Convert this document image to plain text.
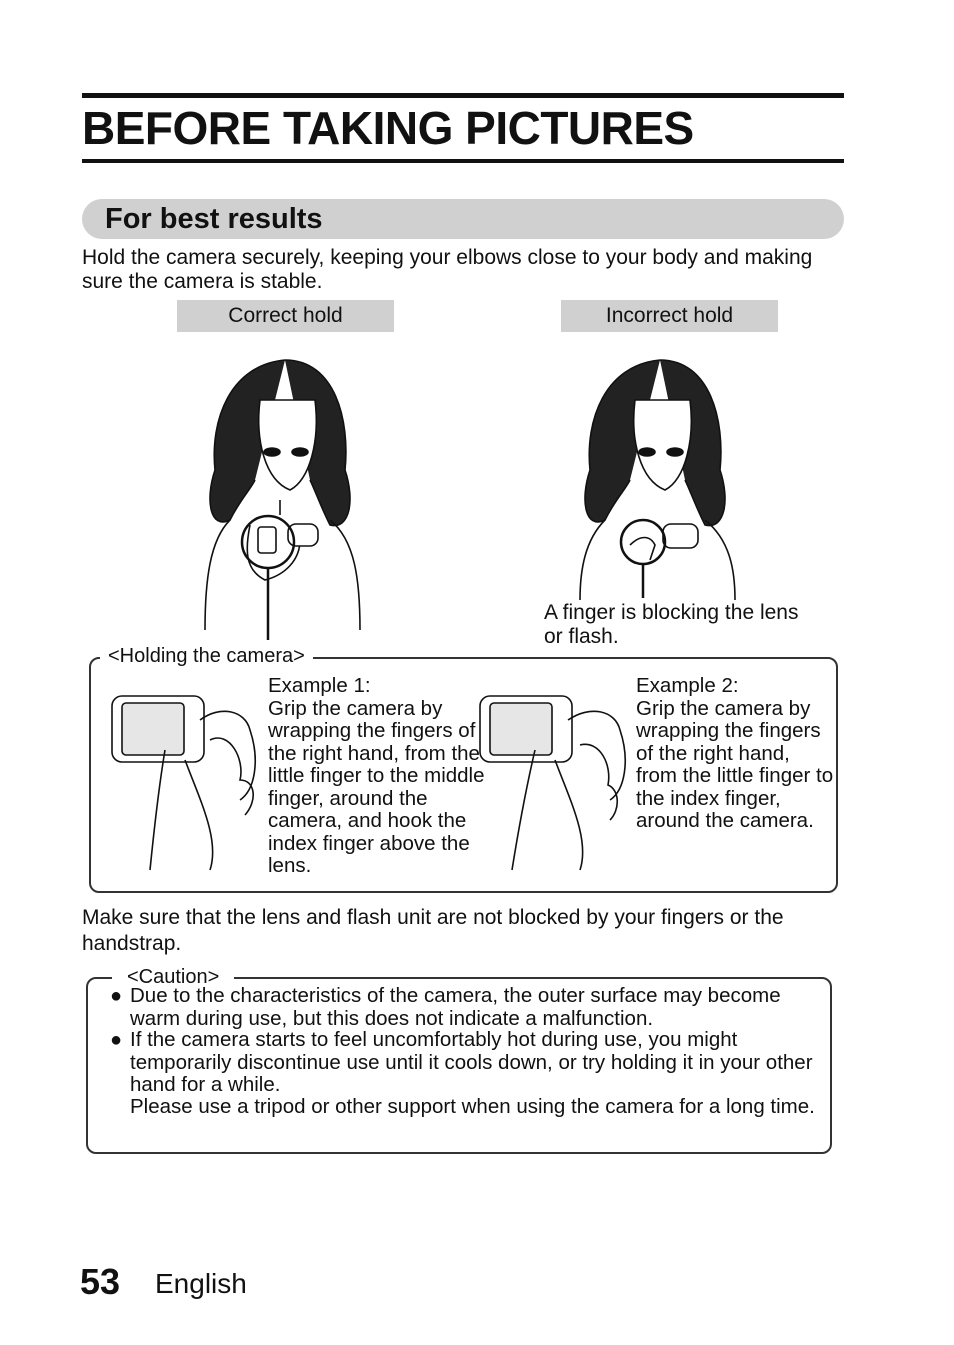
BEFORE TAKING PICTURES
For best results
Hold the camera securely, keeping your elbows close to your body and making sure the camera is stable.
Correct hold	Incorrect hold
A finger is blocking the lens or flash.
<Holding the camera>
Example 1:
Grip the camera by wrapping the fingers of the right hand, from the little finger to the middle finger, around the camera, and hook the index finger above the lens.
Example 2:
Grip the camera by wrapping the fingers of the right hand, from the little finger to the index finger, around the camera.
Make sure that the lens and flash unit are not blocked by your fingers or the handstrap.
<Caution>
● Due to the characteristics of the camera, the outer surface may become warm during use, but this does not indicate a malfunction.
● If the camera starts to feel uncomfortably hot during use, you might temporarily discontinue use until it cools down, or try holding it in your other hand for a while.
Please use a tripod or other support when using the camera for a long time.
53 English
